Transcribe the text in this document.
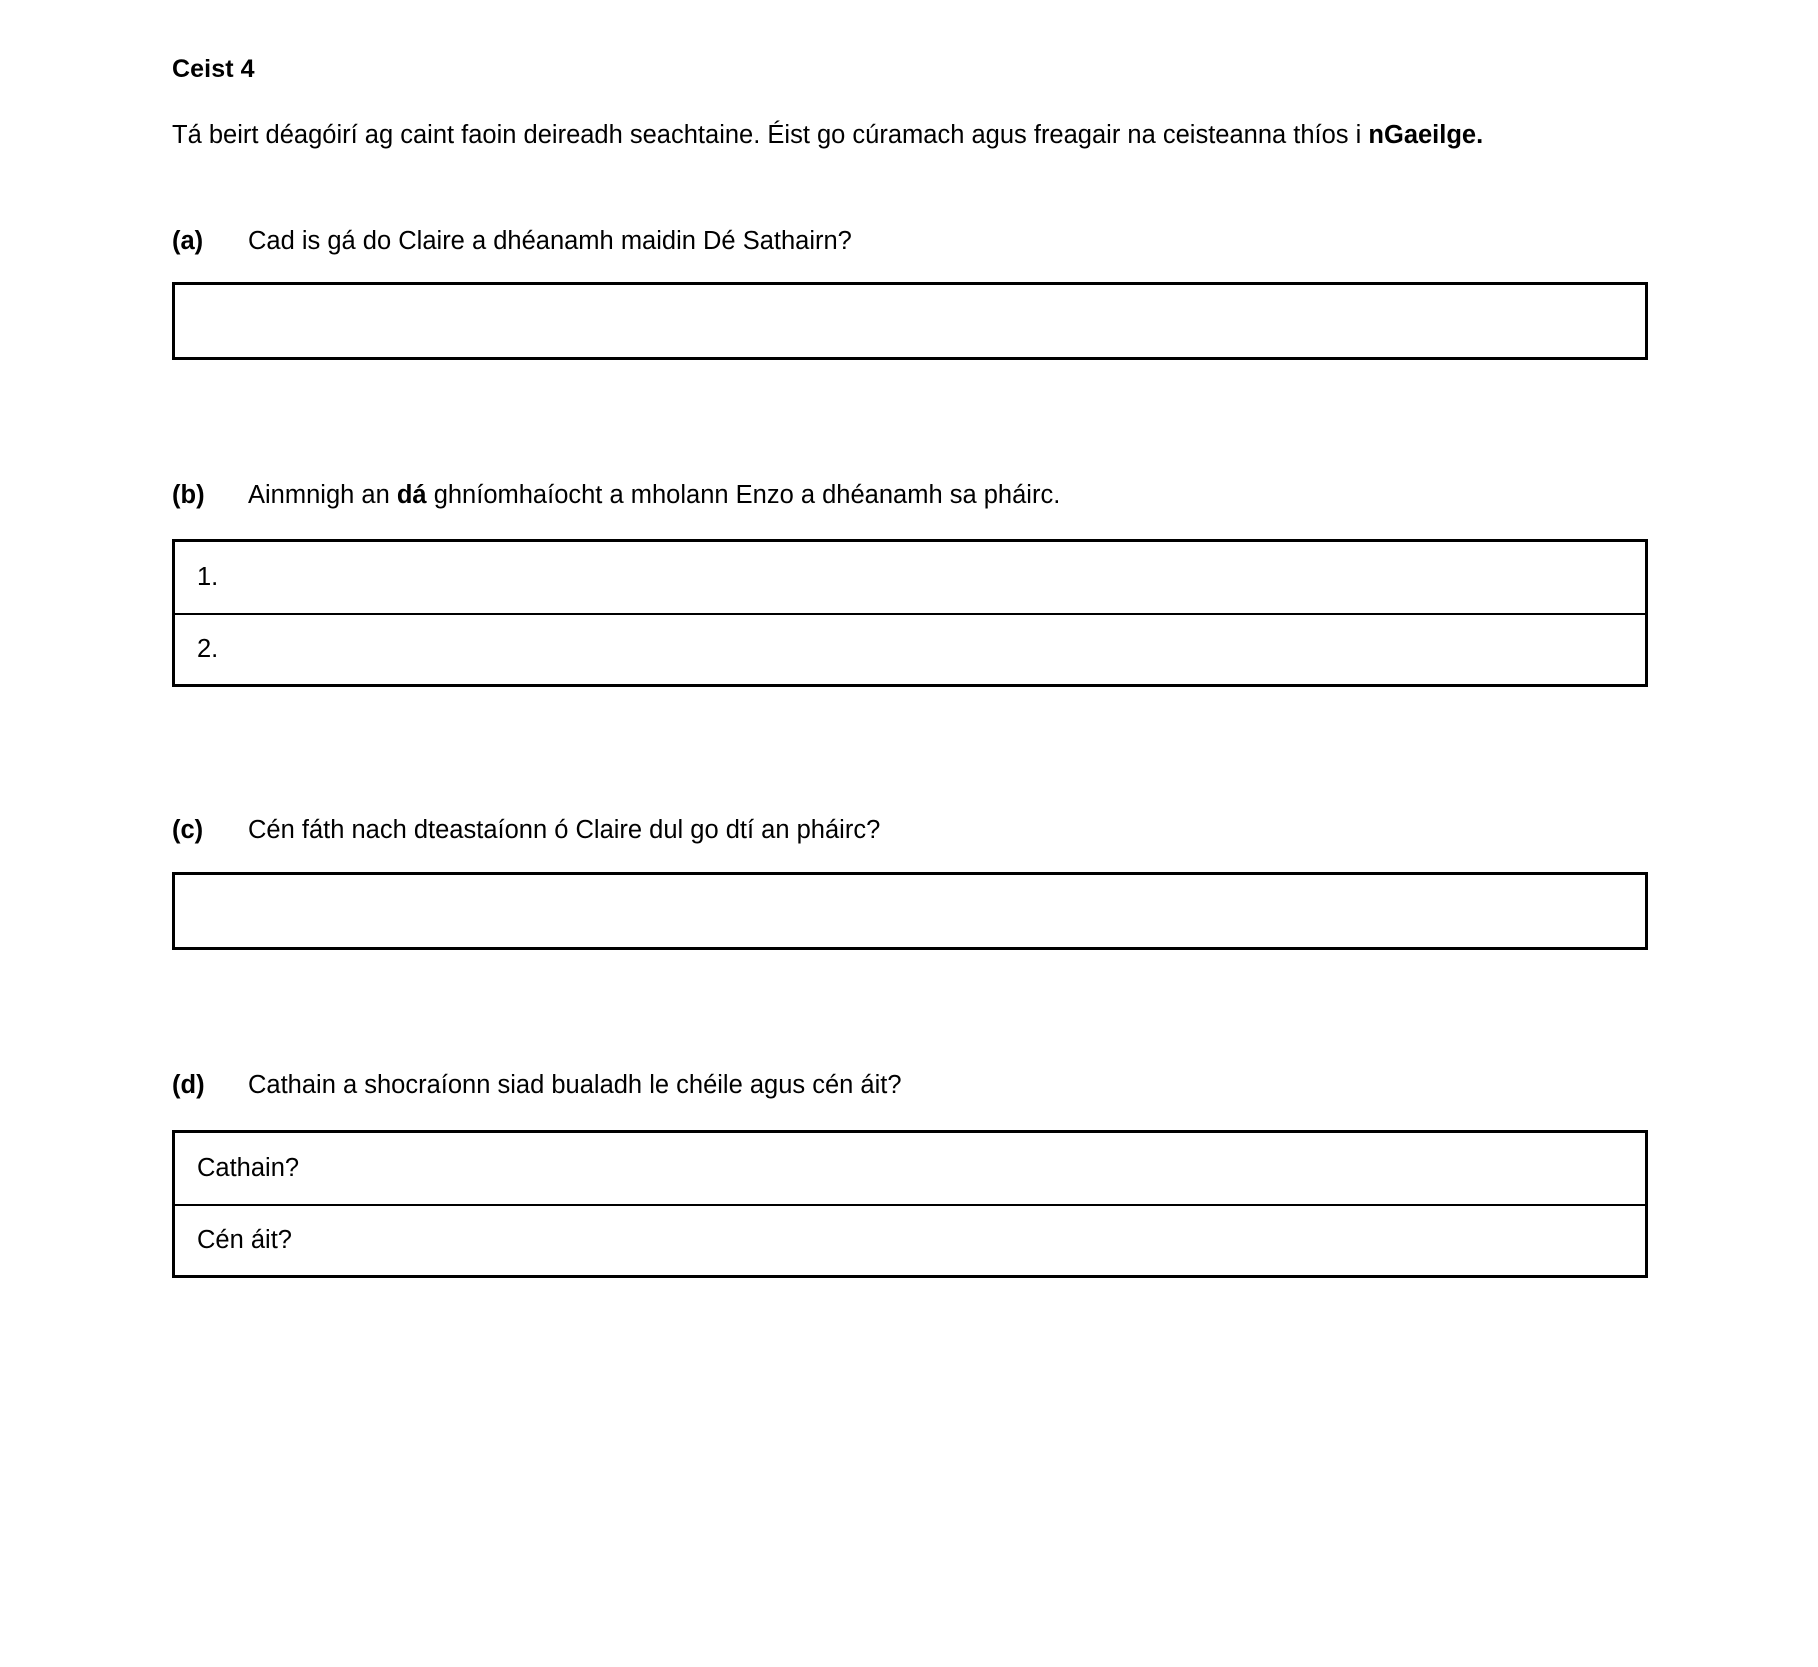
Ceist 4

Tá beirt déagóirí ag caint faoin deireadh seachtaine. Éist go cúramach agus freagair na ceisteanna thíos i nGaeilge.

(a)	Cad is gá do Claire a dhéanamh maidin Dé Sathairn?
(b)	Ainmnigh an dá ghníomhaíocht a mholann Enzo a dhéanamh sa pháirc.
1.
2.
(c)	Cén fáth nach dteastaíonn ó Claire dul go dtí an pháirc?
(d)	Cathain a shocraíonn siad bualadh le chéile agus cén áit?
Cathain?
Cén áit?
